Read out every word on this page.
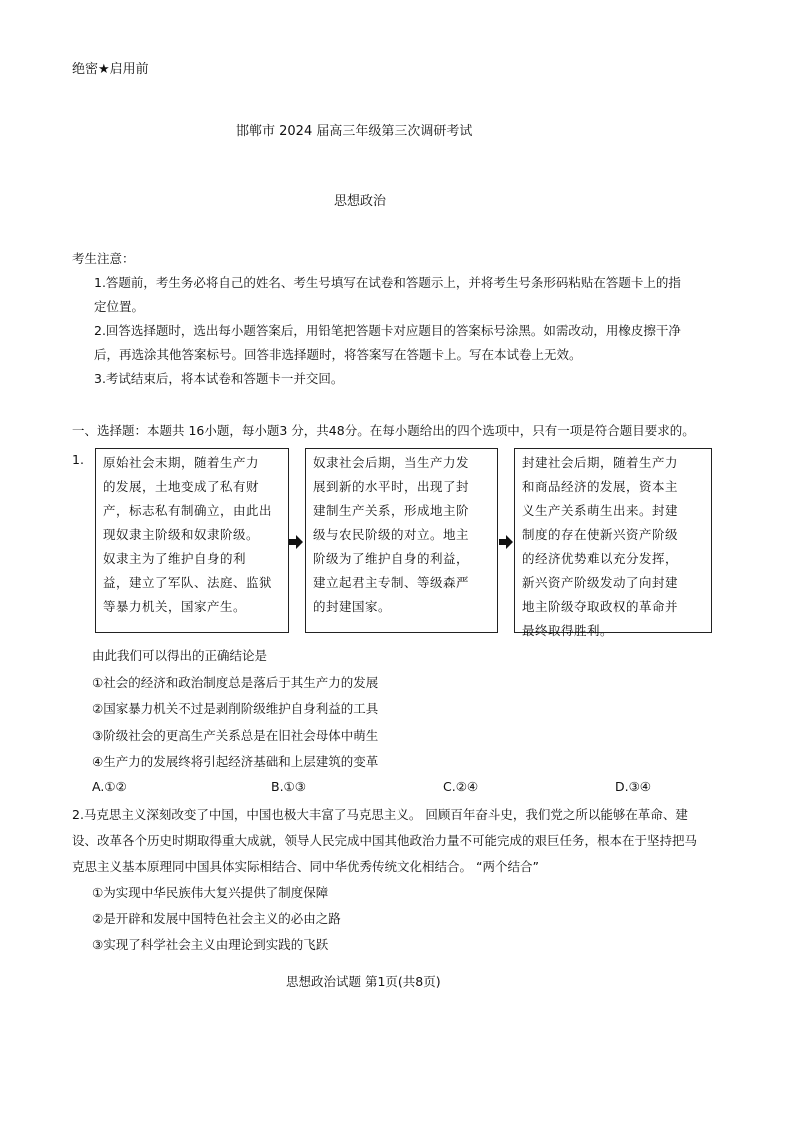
绝密★启用前
邯郸市 2024 届高三年级第三次调研考试
思想政治
考生注意：
1.答题前，考生务必将自己的姓名、考生号填写在试卷和答题示上，并将考生号条形码粘贴在答题卡上的指
定位置。
2.回答选择题时，选出每小题答案后，用铅笔把答题卡对应题目的答案标号涂黑。如需改动，用橡皮擦干净
后，再选涂其他答案标号。回答非选择题时，将答案写在答题卡上。写在本试卷上无效。
3.考试结束后，将本试卷和答题卡一并交回。
一、选择题：本题共 16小题，每小题3 分，共48分。在每小题给出的四个选项中，只有一项是符合题目要求的。
1. 原始社会末期，随着生产力
的发展，土地变成了私有财
产，标志私有制确立，由此出
现奴隶主阶级和奴隶阶级。
奴隶主为了维护自身的利
益，建立了军队、法庭、监狱
等暴力机关，国家产生。
奴隶社会后期，当生产力发
展到新的水平时，出现了封
建制生产关系，形成地主阶
级与农民阶级的对立。地主
阶级为了维护自身的利益，
建立起君主专制、等级森严
的封建国家。
封建社会后期，随着生产力
和商品经济的发展，资本主
义生产关系萌生出来。封建
制度的存在使新兴资产阶级
的经济优势难以充分发挥，
新兴资产阶级发动了向封建
地主阶级夺取政权的革命并
最终取得胜利。
由此我们可以得出的正确结论是
①社会的经济和政治制度总是落后于其生产力的发展
②国家暴力机关不过是剥削阶级维护自身利益的工具
③阶级社会的更高生产关系总是在旧社会母体中萌生
④生产力的发展终将引起经济基础和上层建筑的变革
A.①②	B.①③	C.②④	D.③④
2.马克思主义深刻改变了中国，中国也极大丰富了马克思主义。 回顾百年奋斗史，我们党之所以能够在革命、建
设、改革各个历史时期取得重大成就，领导人民完成中国其他政治力量不可能完成的艰巨任务，根本在于坚持把马
克思主义基本原理同中国具体实际相结合、同中华优秀传统文化相结合。 “两个结合”
①为实现中华民族伟大复兴提供了制度保障
②是开辟和发展中国特色社会主义的必由之路
③实现了科学社会主义由理论到实践的飞跃
思想政治试题 第1页(共8页)
